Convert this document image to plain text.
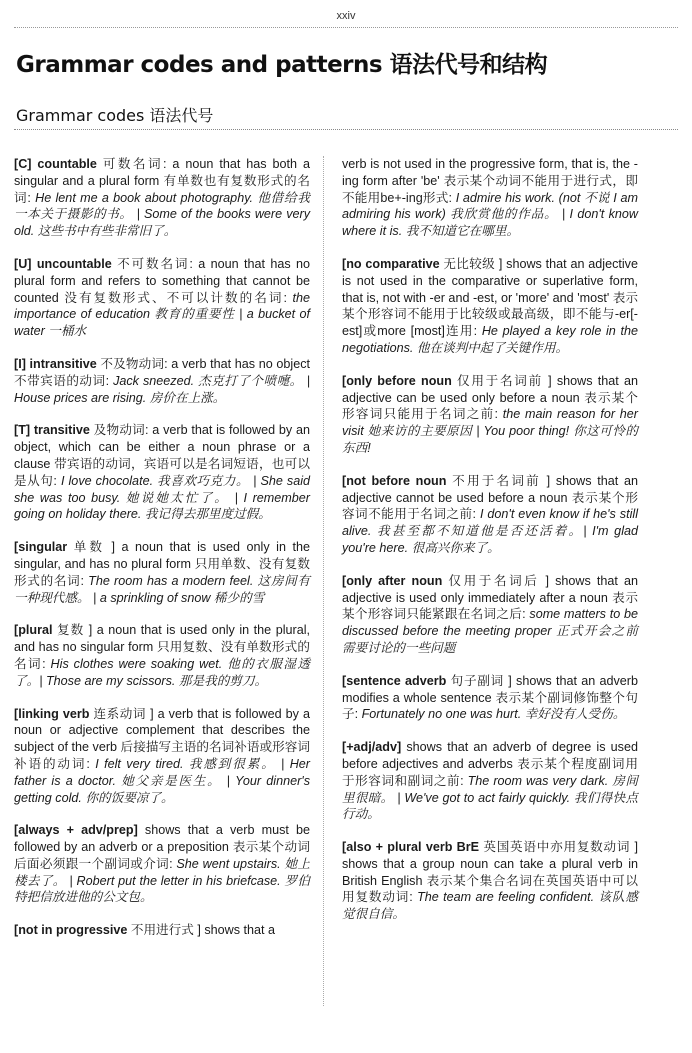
xxiv
Grammar codes and patterns 语法代号和结构
Grammar codes 语法代号

[C] countable 可数名词: a noun that has both a singular and a plural form 有单数也有复数形式的名词: He lent me a book about photography. 他借给我一本关于摄影的书。 | Some of the books were very old. 这些书中有些非常旧了。

[U] uncountable 不可数名词: a noun that has no plural form and refers to something that cannot be counted 没有复数形式、不可以计数的名词: the importance of education 教育的重要性 | a bucket of water 一桶水

[I] intransitive 不及物动词: a verb that has no object 不带宾语的动词: Jack sneezed. 杰克打了个喷嚏。 | House prices are rising. 房价在上涨。

[T] transitive 及物动词: a verb that is followed by an object, which can be either a noun phrase or a clause 带宾语的动词，宾语可以是名词短语，也可以是从句: I love chocolate. 我喜欢巧克力。 | She said she was too busy. 她说她太忙了。 | I remember going on holiday there. 我记得去那里度过假。

[singular 单数 ] a noun that is used only in the singular, and has no plural form 只用单数、没有复数形式的名词: The room has a modern feel. 这房间有一种现代感。 | a sprinkling of snow 稀少的雪

[plural 复数 ] a noun that is used only in the plural, and has no singular form 只用复数、没有单数形式的名词: His clothes were soaking wet. 他的衣服湿透了。| Those are my scissors. 那是我的剪刀。

[linking verb 连系动词 ] a verb that is followed by a noun or adjective complement that describes the subject of the verb 后接描写主语的名词补语或形容词补语的动词: I felt very tired. 我感到很累。 | Her father is a doctor. 她父亲是医生。 | Your dinner's getting cold. 你的饭要凉了。

[always + adv/prep] shows that a verb must be followed by an adverb or a preposition 表示某个动词后面必须跟一个副词或介词: She went upstairs. 她上楼去了。 | Robert put the letter in his briefcase. 罗伯特把信放进他的公文包。

[not in progressive 不用进行式 ] shows that a

verb is not used in the progressive form, that is, the -ing form after 'be' 表示某个动词不能用于进行式，即不能用be+-ing形式: I admire his work. (not 不说 I am admiring his work) 我欣赏他的作品。 | I don't know where it is. 我不知道它在哪里。

[no comparative 无比较级 ] shows that an adjective is not used in the comparative or superlative form, that is, not with -er and -est, or 'more' and 'most' 表示某个形容词不能用于比较级或最高级，即不能与-er[-est]或more [most]连用: He played a key role in the negotiations. 他在谈判中起了关键作用。

[only before noun 仅用于名词前 ] shows that an adjective can be used only before a noun 表示某个形容词只能用于名词之前: the main reason for her visit 她来访的主要原因 | You poor thing! 你这可怜的东西!

[not before noun 不用于名词前 ] shows that an adjective cannot be used before a noun 表示某个形容词不能用于名词之前: I don't even know if he's still alive. 我甚至都不知道他是否还活着。| I'm glad you're here. 很高兴你来了。

[only after noun 仅用于名词后 ] shows that an adjective is used only immediately after a noun 表示某个形容词只能紧跟在名词之后: some matters to be discussed before the meeting proper 正式开会之前需要讨论的一些问题

[sentence adverb 句子副词 ] shows that an adverb modifies a whole sentence 表示某个副词修饰整个句子: Fortunately no one was hurt. 幸好没有人受伤。

[+adj/adv] shows that an adverb of degree is used before adjectives and adverbs 表示某个程度副词用于形容词和副词之前: The room was very dark. 房间里很暗。 | We've got to act fairly quickly. 我们得快点行动。

[also + plural verb BrE 英国英语中亦用复数动词 ] shows that a group noun can take a plural verb in British English 表示某个集合名词在英国英语中可以用复数动词: The team are feeling confident. 该队感觉很自信。
